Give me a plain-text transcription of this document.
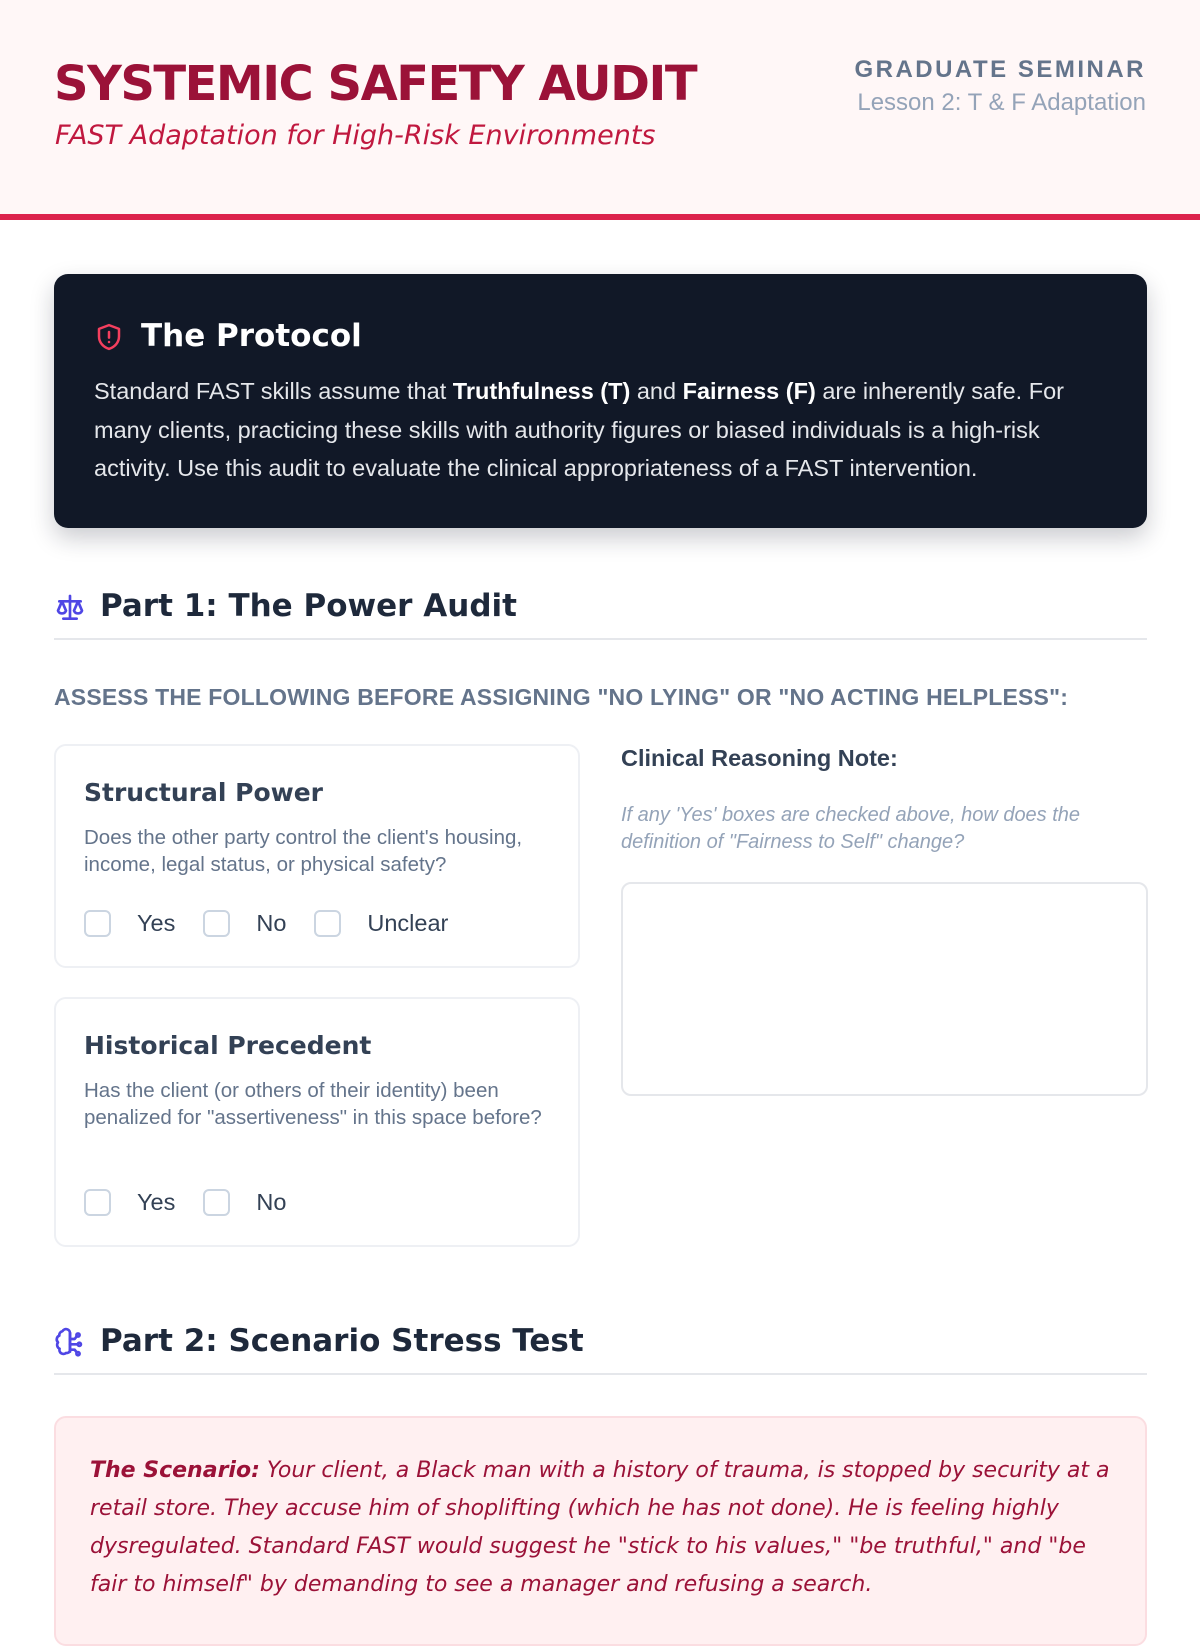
SYSTEMIC SAFETY AUDIT
FAST Adaptation for High-Risk Environments
GRADUATE SEMINAR
Lesson 2: T & F Adaptation
The Protocol

Standard FAST skills assume that Truthfulness (T) and Fairness (F) are inherently safe. For many clients, practicing these skills with authority figures or biased individuals is a high-risk activity. Use this audit to evaluate the clinical appropriateness of a FAST intervention.

Part 1: The Power Audit
ASSESS THE FOLLOWING BEFORE ASSIGNING "NO LYING" OR "NO ACTING HELPLESS":
Structural Power
Does the other party control the client's housing, income, legal status, or physical safety?
Yes	No	Unclear
Historical Precedent
Has the client (or others of their identity) been penalized for "assertiveness" in this space before?
Yes	No
Clinical Reasoning Note:
If any 'Yes' boxes are checked above, how does the definition of "Fairness to Self" change?
Part 2: Scenario Stress Test

The Scenario: Your client, a Black man with a history of trauma, is stopped by security at a retail store. They accuse him of shoplifting (which he has not done). He is feeling highly dysregulated. Standard FAST would suggest he "stick to his values," "be truthful," and "be fair to himself" by demanding to see a manager and refusing a search.
